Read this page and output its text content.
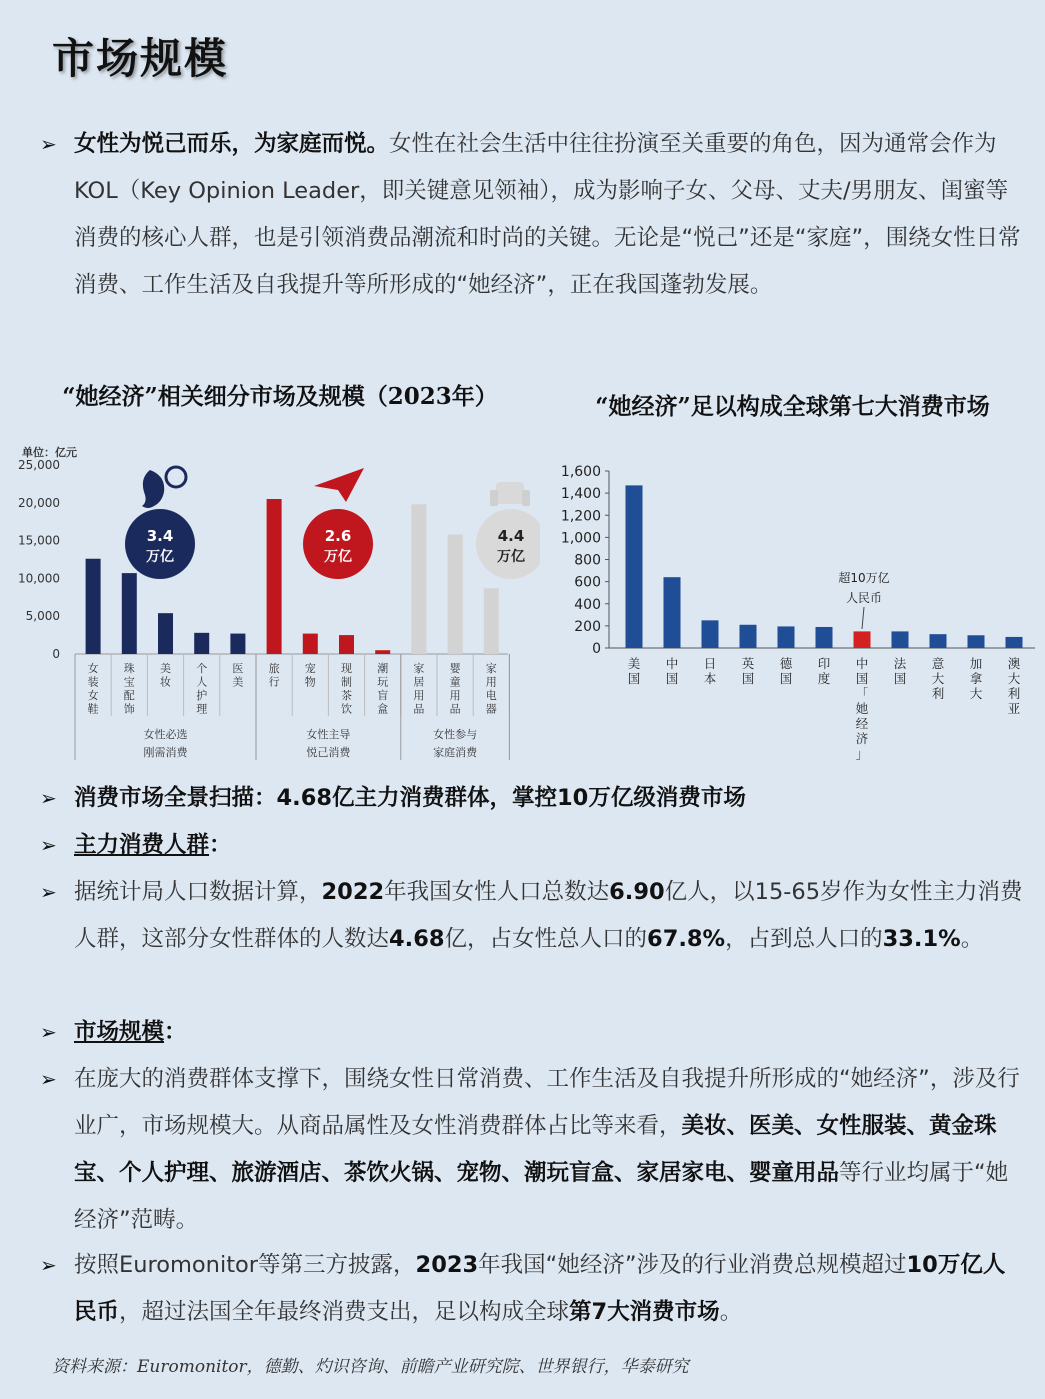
市场规模
➢ 女性为悦己而乐，为家庭而悦。女性在社会生活中往往扮演至关重要的角色，因为通常会作为KOL（Key Opinion Leader，即关键意见领袖），成为影响子女、父母、丈夫/男朋友、闺蜜等消费的核心人群，也是引领消费品潮流和时尚的关键。无论是“悦己”还是“家庭”，围绕女性日常消费、工作生活及自我提升等所形成的“她经济”，正在我国蓬勃发展。
“她经济”相关细分市场及规模（2023年）	“她经济”足以构成全球第七大消费市场
单位：亿元
25,000
20,000
15,000
10,000
5,000
0
女
装
女
鞋
珠
宝
配
饰
美
妆
个
人
护
理
医
美
旅
行
宠
物
现
制
茶
饮
潮
玩
盲
盒
家
居
用
品
婴
童
用
品
家
用
电
器
女性必选
刚需消费
3.4
万亿
女性主导
悦己消费
2.6
万亿
女性参与
家庭消费
4.4
万亿
1,600
1,400
1,200
1,000
800
600
400
200
0
美
国
中
国
日
本
英
国
德
国
印
度
中
国
「
她
经
济
」
法
国
意
大
利
加
拿
大
澳
大
利
亚
超10万亿
人民币
➢ 消费市场全景扫描：4.68亿主力消费群体，掌控10万亿级消费市场
➢ 主力消费人群：
➢ 据统计局人口数据计算，2022年我国女性人口总数达6.90亿人，以15-65岁作为女性主力消费人群，这部分女性群体的人数达4.68亿，占女性总人口的67.8%，占到总人口的33.1%。
➢ 市场规模：
➢ 在庞大的消费群体支撑下，围绕女性日常消费、工作生活及自我提升所形成的“她经济”，涉及行业广，市场规模大。从商品属性及女性消费群体占比等来看，美妆、医美、女性服装、黄金珠宝、个人护理、旅游酒店、茶饮火锅、宠物、潮玩盲盒、家居家电、婴童用品等行业均属于“她经济”范畴。
➢ 按照Euromonitor等第三方披露，2023年我国“她经济”涉及的行业消费总规模超过10万亿人民币，超过法国全年最终消费支出，足以构成全球第7大消费市场。
资料来源：Euromonitor，德勤、灼识咨询、前瞻产业研究院、世界银行，华泰研究
